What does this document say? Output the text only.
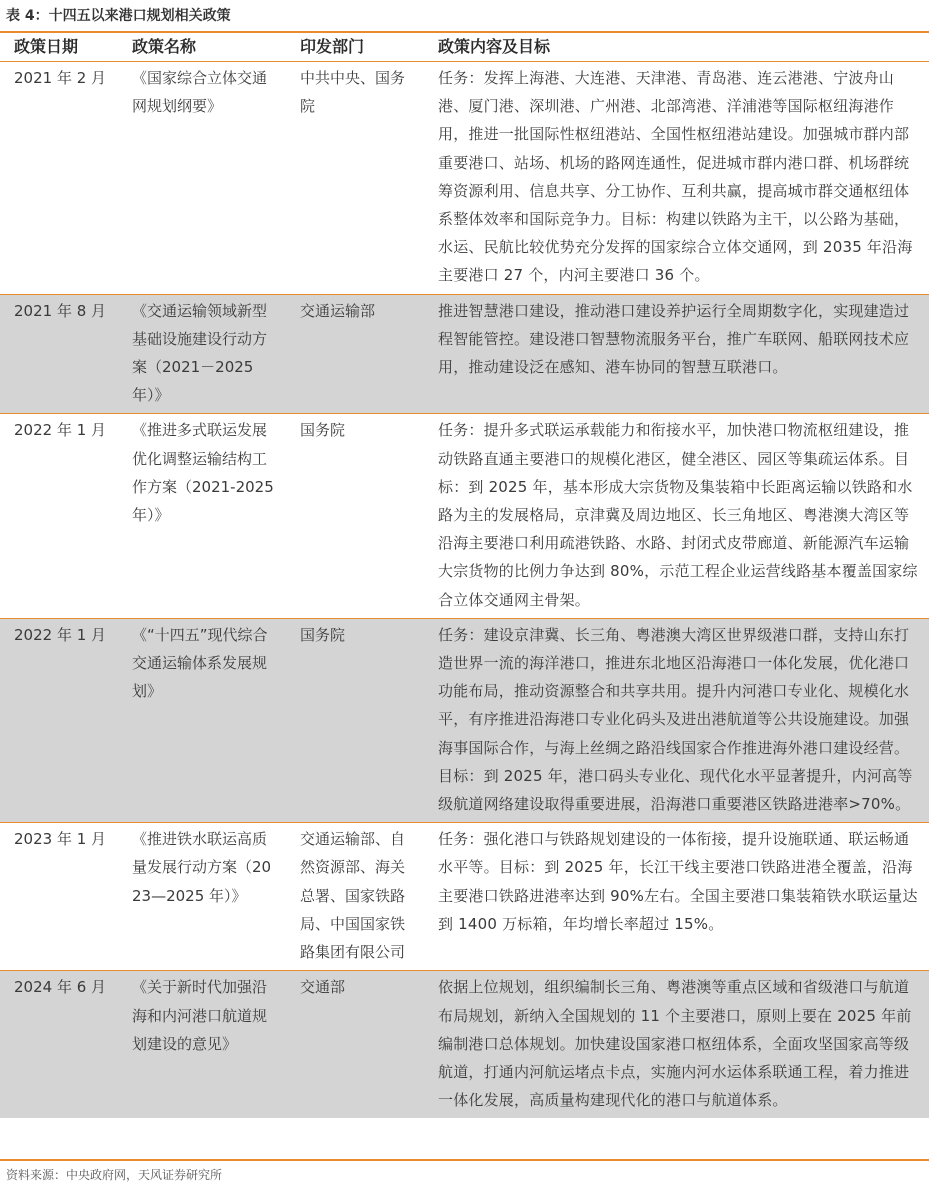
表 4：十四五以来港口规划相关政策
政策日期	政策名称	印发部门	政策内容及目标
2021 年 2 月	《国家综合立体交通网规划纲要》	中共中央、国务院	任务：发挥上海港、大连港、天津港、青岛港、连云港港、宁波舟山港、厦门港、深圳港、广州港、北部湾港、洋浦港等国际枢纽海港作用，推进一批国际性枢纽港站、全国性枢纽港站建设。加强城市群内部重要港口、站场、机场的路网连通性，促进城市群内港口群、机场群统筹资源利用、信息共享、分工协作、互利共赢，提高城市群交通枢纽体系整体效率和国际竞争力。目标：构建以铁路为主干，以公路为基础，水运、民航比较优势充分发挥的国家综合立体交通网，到 2035 年沿海主要港口 27 个，内河主要港口 36 个。
2021 年 8 月	《交通运输领域新型基础设施建设行动方案（2021－2025 年）》	交通运输部	推进智慧港口建设，推动港口建设养护运行全周期数字化，实现建造过程智能管控。建设港口智慧物流服务平台，推广车联网、船联网技术应用，推动建设泛在感知、港车协同的智慧互联港口。
2022 年 1 月	《推进多式联运发展优化调整运输结构工作方案（2021-2025 年）》	国务院	任务：提升多式联运承载能力和衔接水平，加快港口物流枢纽建设，推动铁路直通主要港口的规模化港区，健全港区、园区等集疏运体系。目标：到 2025 年，基本形成大宗货物及集装箱中长距离运输以铁路和水路为主的发展格局，京津冀及周边地区、长三角地区、粤港澳大湾区等沿海主要港口利用疏港铁路、水路、封闭式皮带廊道、新能源汽车运输大宗货物的比例力争达到 80%，示范工程企业运营线路基本覆盖国家综合立体交通网主骨架。
2022 年 1 月	《“十四五”现代综合交通运输体系发展规划》	国务院	任务：建设京津冀、长三角、粤港澳大湾区世界级港口群，支持山东打造世界一流的海洋港口，推进东北地区沿海港口一体化发展，优化港口功能布局，推动资源整合和共享共用。提升内河港口专业化、规模化水平，有序推进沿海港口专业化码头及进出港航道等公共设施建设。加强海事国际合作，与海上丝绸之路沿线国家合作推进海外港口建设经营。目标：到 2025 年，港口码头专业化、现代化水平显著提升，内河高等级航道网络建设取得重要进展，沿海港口重要港区铁路进港率>70%。
2023 年 1 月	《推进铁水联运高质量发展行动方案（2023—2025 年）》	交通运输部、自然资源部、海关总署、国家铁路局、中国国家铁路集团有限公司	任务：强化港口与铁路规划建设的一体衔接，提升设施联通、联运畅通水平等。目标：到 2025 年，长江干线主要港口铁路进港全覆盖，沿海主要港口铁路进港率达到 90%左右。全国主要港口集装箱铁水联运量达到 1400 万标箱，年均增长率超过 15%。
2024 年 6 月	《关于新时代加强沿海和内河港口航道规划建设的意见》	交通部	依据上位规划，组织编制长三角、粤港澳等重点区域和省级港口与航道布局规划，新纳入全国规划的 11 个主要港口，原则上要在 2025 年前编制港口总体规划。加快建设国家港口枢纽体系，全面攻坚国家高等级航道，打通内河航运堵点卡点，实施内河水运体系联通工程，着力推进一体化发展，高质量构建现代化的港口与航道体系。
资料来源：中央政府网，天风证券研究所
